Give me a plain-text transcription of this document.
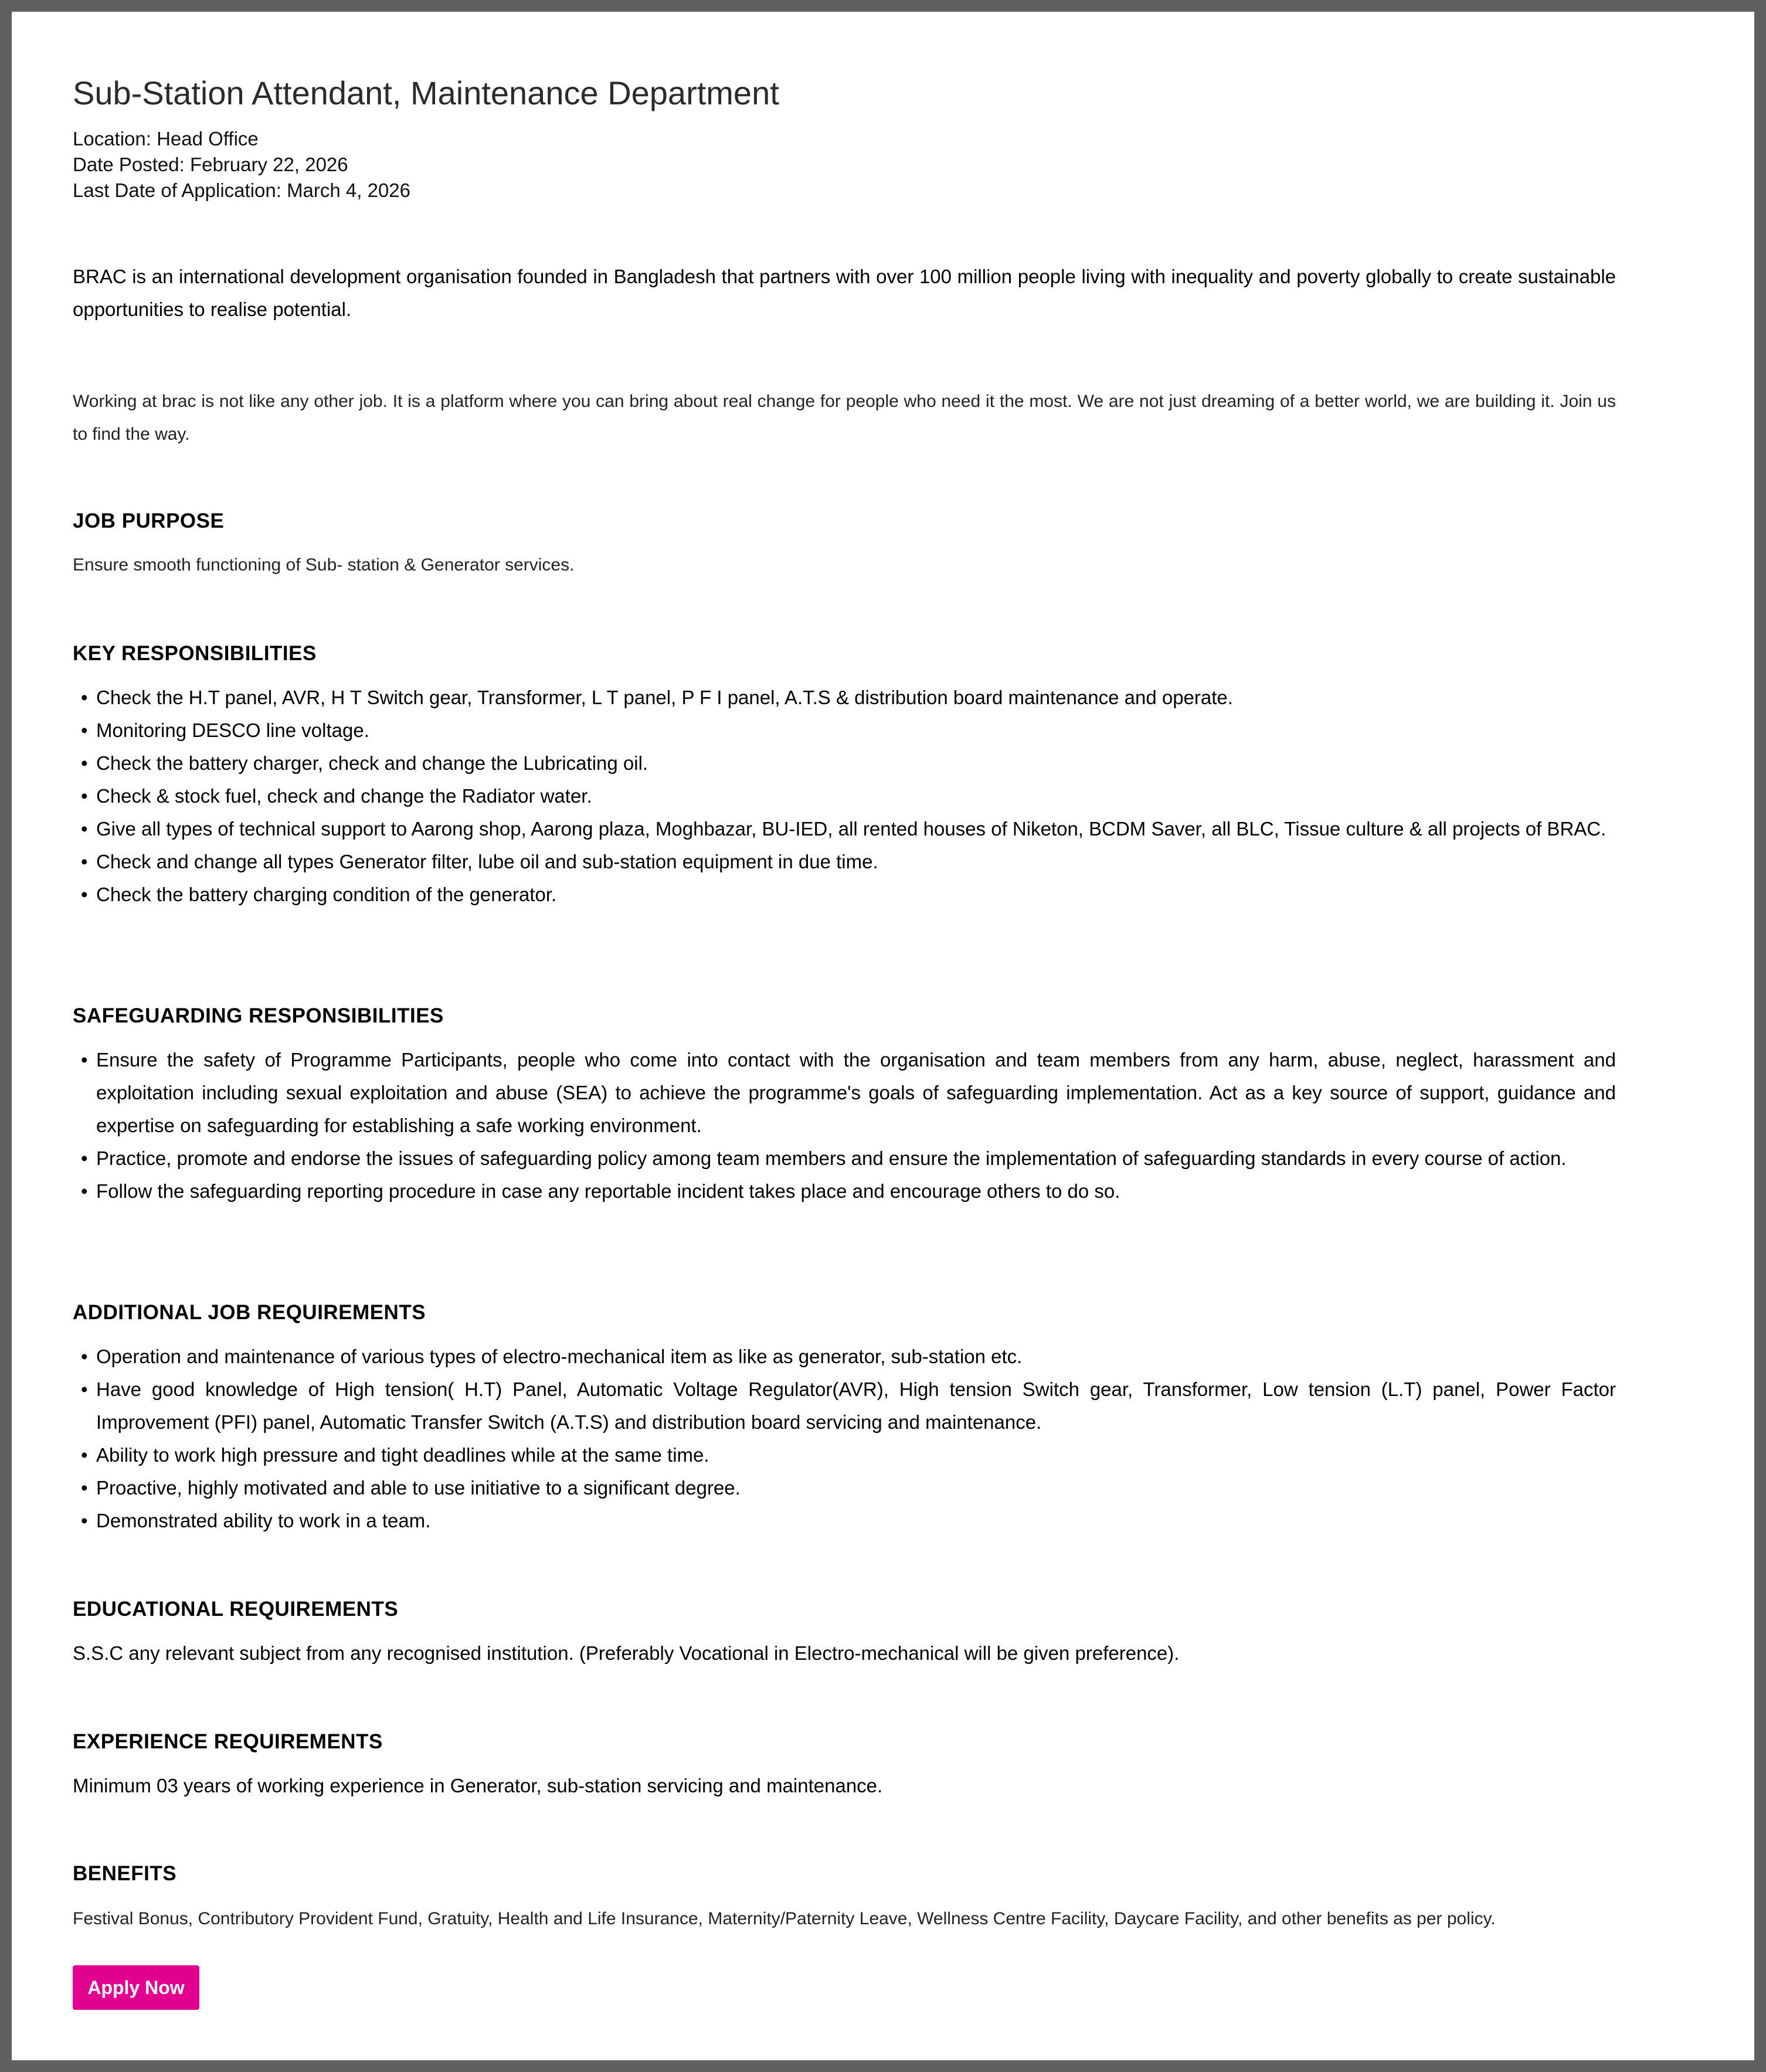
Sub-Station Attendant, Maintenance Department
Location: Head Office
Date Posted: February 22, 2026
Last Date of Application: March 4, 2026

BRAC is an international development organisation founded in Bangladesh that partners with over 100 million people living with inequality and poverty globally to create sustainable opportunities to realise potential.

Working at brac is not like any other job. It is a platform where you can bring about real change for people who need it the most. We are not just dreaming of a better world, we are building it. Join us to find the way.

JOB PURPOSE

Ensure smooth functioning of Sub- station & Generator services.

KEY RESPONSIBILITIES
• Check the H.T panel, AVR, H T Switch gear, Transformer, L T panel, P F I panel, A.T.S & distribution board maintenance and operate.
• Monitoring DESCO line voltage.
• Check the battery charger, check and change the Lubricating oil.
• Check & stock fuel, check and change the Radiator water.
• Give all types of technical support to Aarong shop, Aarong plaza, Moghbazar, BU-IED, all rented houses of Niketon, BCDM Saver, all BLC, Tissue culture & all projects of BRAC.
• Check and change all types Generator filter, lube oil and sub-station equipment in due time.
• Check the battery charging condition of the generator.
SAFEGUARDING RESPONSIBILITIES
• Ensure the safety of Programme Participants, people who come into contact with the organisation and team members from any harm, abuse, neglect, harassment and exploitation including sexual exploitation and abuse (SEA) to achieve the programme's goals of safeguarding implementation. Act as a key source of support, guidance and expertise on safeguarding for establishing a safe working environment.
• Practice, promote and endorse the issues of safeguarding policy among team members and ensure the implementation of safeguarding standards in every course of action.
• Follow the safeguarding reporting procedure in case any reportable incident takes place and encourage others to do so.
ADDITIONAL JOB REQUIREMENTS
• Operation and maintenance of various types of electro-mechanical item as like as generator, sub-station etc.
• Have good knowledge of High tension( H.T) Panel, Automatic Voltage Regulator(AVR), High tension Switch gear, Transformer, Low tension (L.T) panel, Power Factor Improvement (PFI) panel, Automatic Transfer Switch (A.T.S) and distribution board servicing and maintenance.
• Ability to work high pressure and tight deadlines while at the same time.
• Proactive, highly motivated and able to use initiative to a significant degree.
• Demonstrated ability to work in a team.
EDUCATIONAL REQUIREMENTS

S.S.C any relevant subject from any recognised institution. (Preferably Vocational in Electro-mechanical will be given preference).

EXPERIENCE REQUIREMENTS

Minimum 03 years of working experience in Generator, sub-station servicing and maintenance.

BENEFITS

Festival Bonus, Contributory Provident Fund, Gratuity, Health and Life Insurance, Maternity/Paternity Leave, Wellness Centre Facility, Daycare Facility, and other benefits as per policy.

Apply Now
